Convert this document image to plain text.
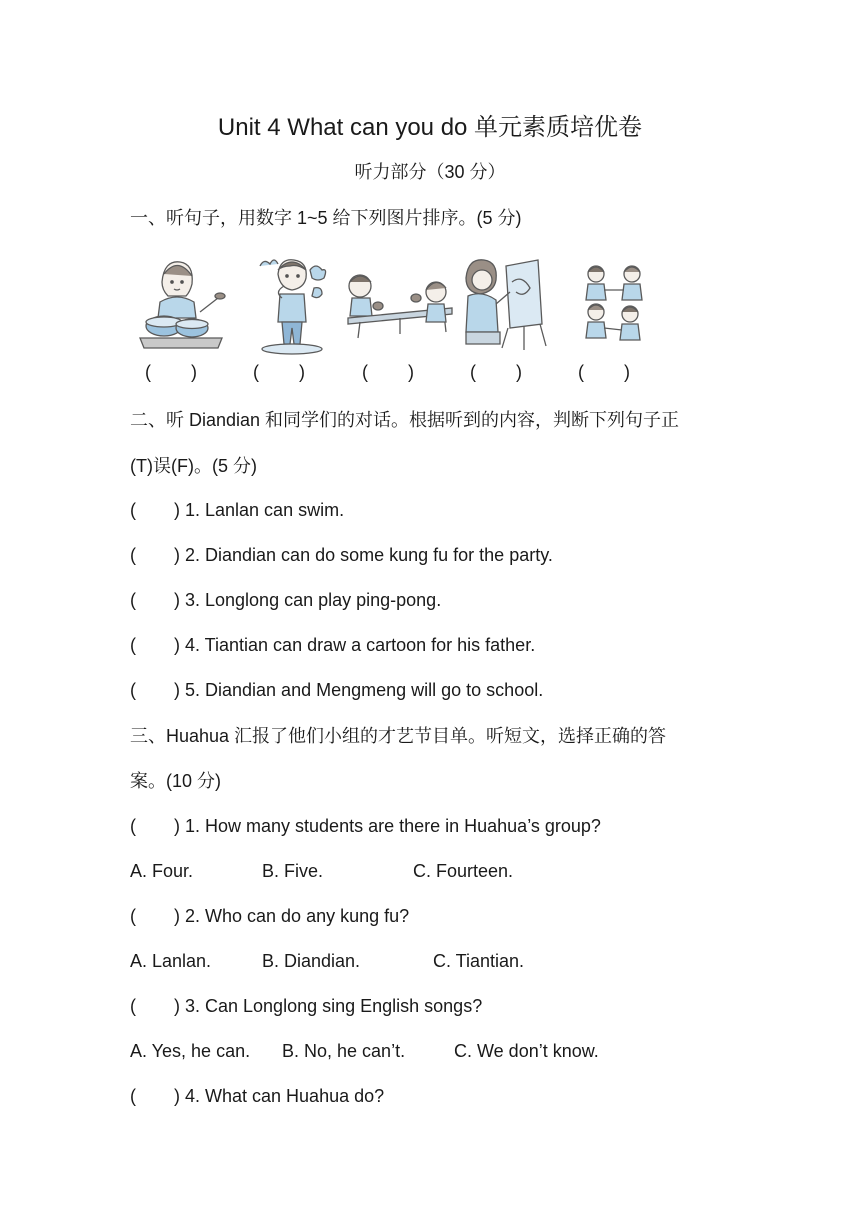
Unit 4 What can you do 单元素质培优卷
听力部分（30 分）
一、听句子，用数字 1~5 给下列图片排序。(5 分)
(        )	(        )	(        )	(        )	(        )
二、听 Diandian 和同学们的对话。根据听到的内容，判断下列句子正
(T)误(F)。(5 分)
( ) 1. Lanlan can swim.
( ) 2. Diandian can do some kung fu for the party.
( ) 3. Longlong can play ping-pong.
( ) 4. Tiantian can draw a cartoon for his father.
( ) 5. Diandian and Mengmeng will go to school.
三、Huahua 汇报了他们小组的才艺节目单。听短文，选择正确的答
案。(10 分)
( ) 1. How many students are there in Huahua’s group?
A. Four.	B. Five.	C. Fourteen.
( ) 2. Who can do any kung fu?
A. Lanlan.	B. Diandian.	C. Tiantian.
( ) 3. Can Longlong sing English songs?
A. Yes, he can. B. No, he can’t.	C. We don’t know.
( ) 4. What can Huahua do?
